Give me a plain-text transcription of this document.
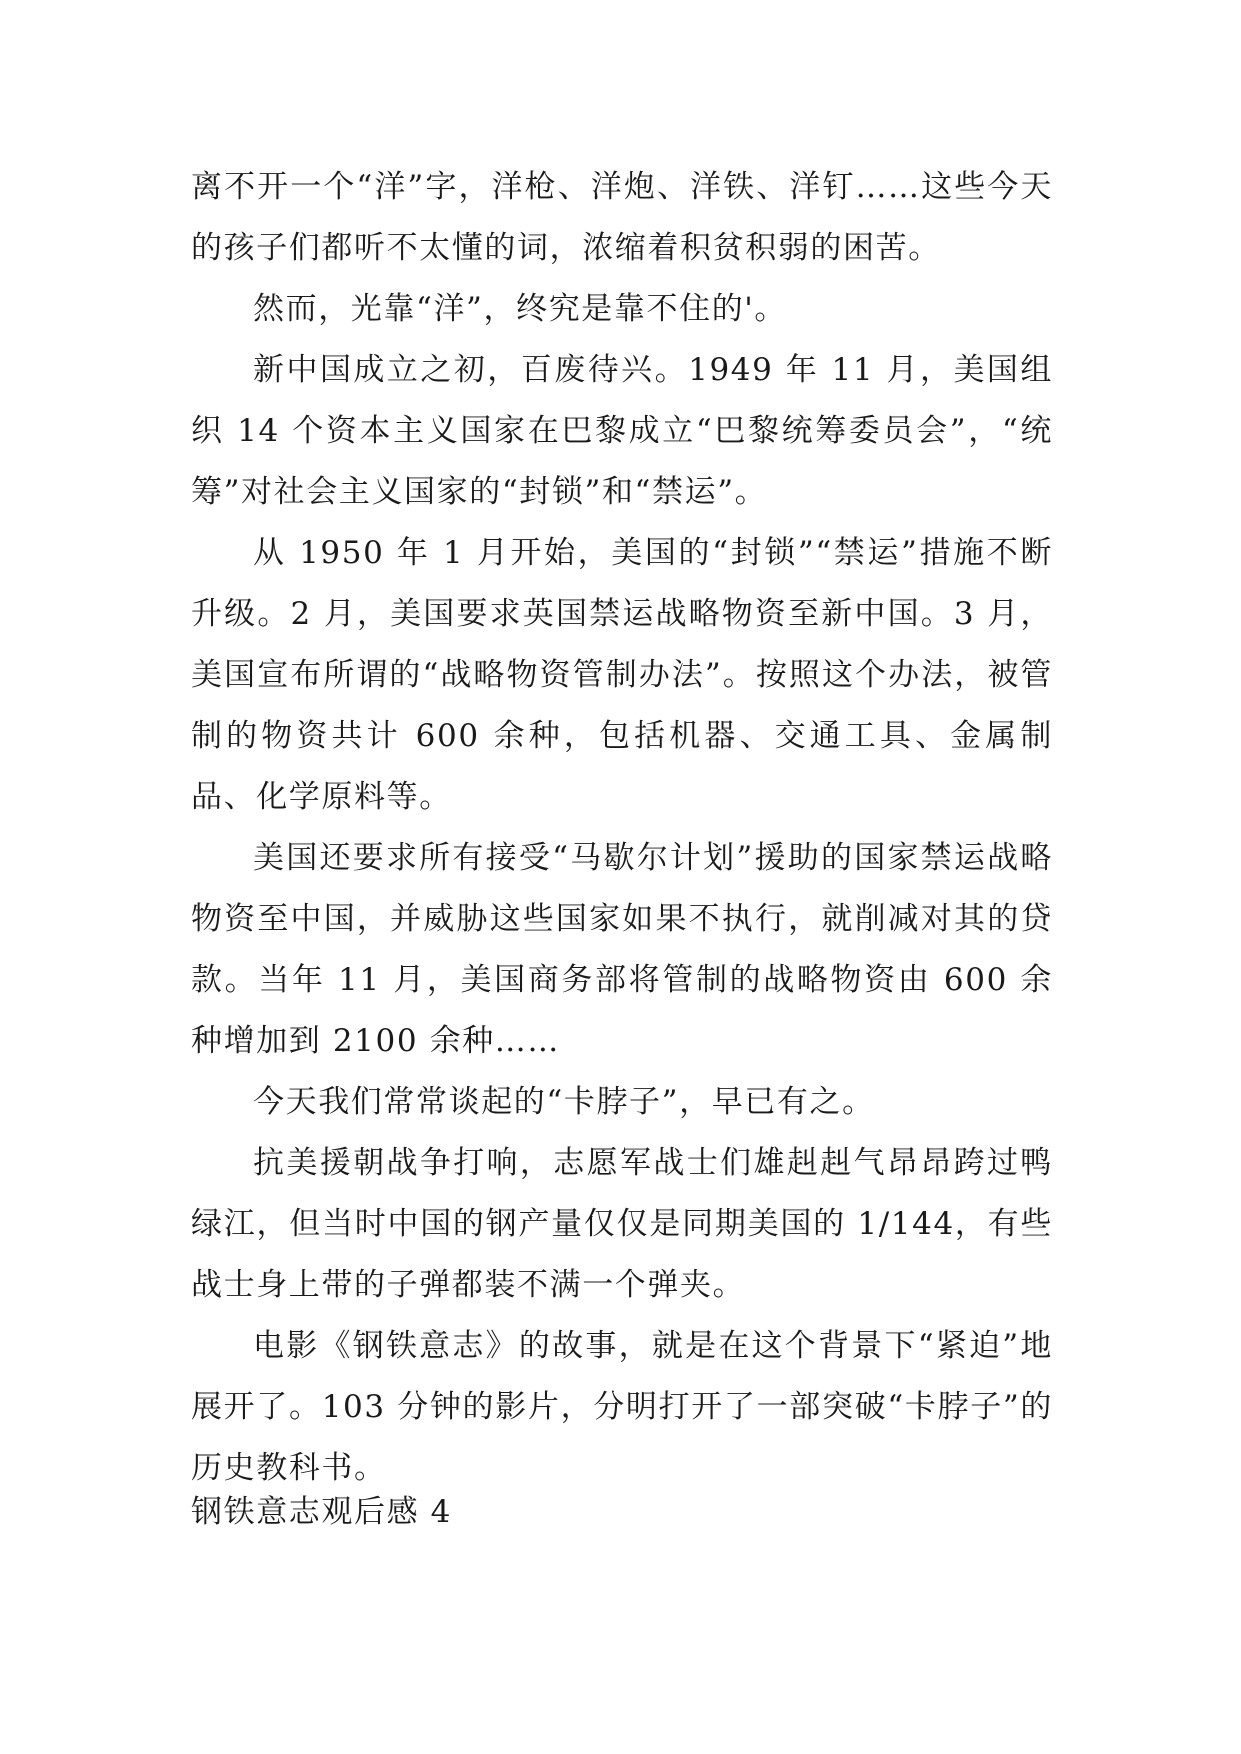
离不开一个“洋”字，洋枪、洋炮、洋铁、洋钉……这些今天的孩子们都听不太懂的词，浓缩着积贫积弱的困苦。

然而，光靠“洋”，终究是靠不住的'。

新中国成立之初，百废待兴。1949 年 11 月，美国组织 14 个资本主义国家在巴黎成立“巴黎统筹委员会”，“统筹”对社会主义国家的“封锁”和“禁运”。

从 1950 年 1 月开始，美国的“封锁”“禁运”措施不断升级。2 月，美国要求英国禁运战略物资至新中国。3 月，美国宣布所谓的“战略物资管制办法”。按照这个办法，被管制的物资共计 600 余种，包括机器、交通工具、金属制品、化学原料等。

美国还要求所有接受“马歇尔计划”援助的国家禁运战略物资至中国，并威胁这些国家如果不执行，就削减对其的贷款。当年 11 月，美国商务部将管制的战略物资由 600 余种增加到 2100 余种……

今天我们常常谈起的“卡脖子”，早已有之。

抗美援朝战争打响，志愿军战士们雄赳赳气昂昂跨过鸭绿江，但当时中国的钢产量仅仅是同期美国的 1/144，有些战士身上带的子弹都装不满一个弹夹。

电影《钢铁意志》的故事，就是在这个背景下“紧迫”地展开了。103 分钟的影片，分明打开了一部突破“卡脖子”的历史教科书。

钢铁意志观后感 4
